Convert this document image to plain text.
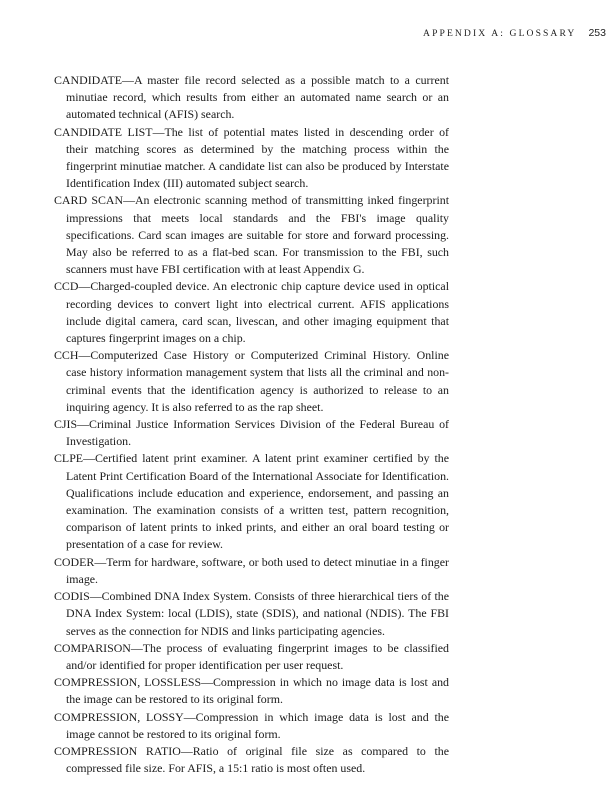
APPENDIX A: GLOSSARY 253

CANDIDATE—A master file record selected as a possible match to a current minutiae record, which results from either an automated name search or an automated technical (AFIS) search.

CANDIDATE LIST—The list of potential mates listed in descending order of their matching scores as determined by the matching process within the fingerprint minutiae matcher. A candidate list can also be produced by Interstate Identification Index (III) automated subject search.

CARD SCAN—An electronic scanning method of transmitting inked fingerprint impressions that meets local standards and the FBI's image quality specifications. Card scan images are suitable for store and forward processing. May also be referred to as a flat-bed scan. For transmission to the FBI, such scanners must have FBI certification with at least Appendix G.

CCD—Charged-coupled device. An electronic chip capture device used in optical recording devices to convert light into electrical current. AFIS applications include digital camera, card scan, livescan, and other imaging equipment that captures fingerprint images on a chip.

CCH—Computerized Case History or Computerized Criminal History. Online case history information management system that lists all the criminal and non-criminal events that the identification agency is authorized to release to an inquiring agency. It is also referred to as the rap sheet.

CJIS—Criminal Justice Information Services Division of the Federal Bureau of Investigation.

CLPE—Certified latent print examiner. A latent print examiner certified by the Latent Print Certification Board of the International Associate for Identification. Qualifications include education and experience, endorsement, and passing an examination. The examination consists of a written test, pattern recognition, comparison of latent prints to inked prints, and either an oral board testing or presentation of a case for review.

CODER—Term for hardware, software, or both used to detect minutiae in a finger image.

CODIS—Combined DNA Index System. Consists of three hierarchical tiers of the DNA Index System: local (LDIS), state (SDIS), and national (NDIS). The FBI serves as the connection for NDIS and links participating agencies.

COMPARISON—The process of evaluating fingerprint images to be classified and/or identified for proper identification per user request.

COMPRESSION, LOSSLESS—Compression in which no image data is lost and the image can be restored to its original form.

COMPRESSION, LOSSY—Compression in which image data is lost and the image cannot be restored to its original form.

COMPRESSION RATIO—Ratio of original file size as compared to the compressed file size. For AFIS, a 15:1 ratio is most often used.
